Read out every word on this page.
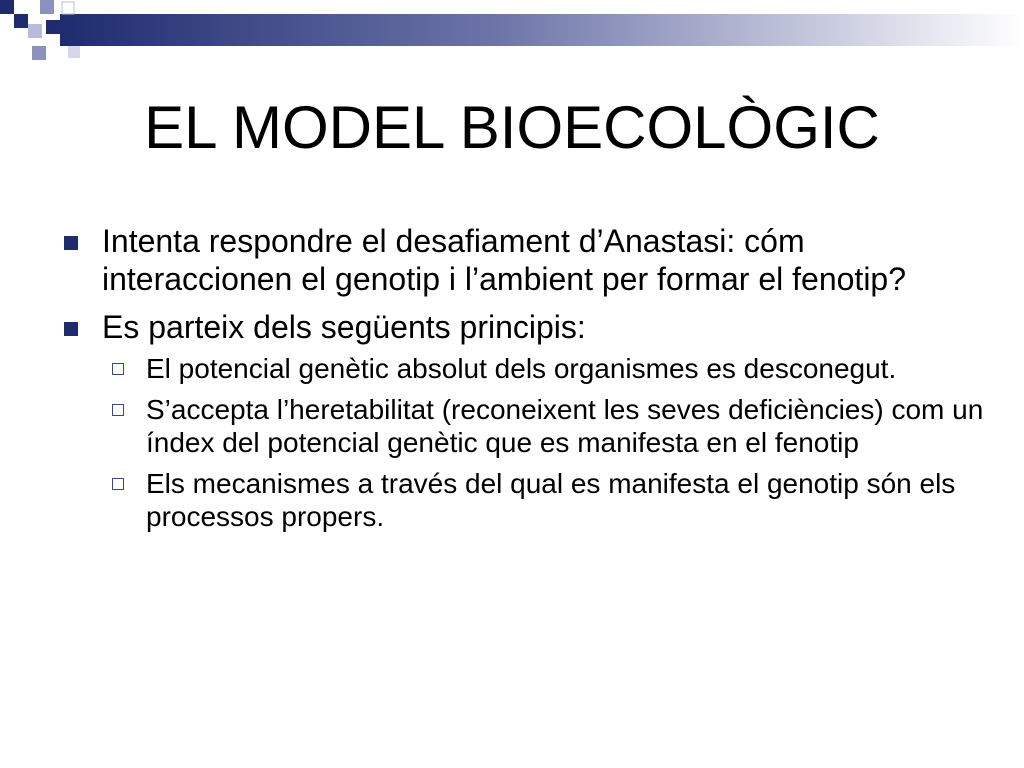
EL MODEL BIOECOLÒGIC
Intenta respondre el desafiament d’Anastasi: cóm interaccionen el genotip i l’ambient per formar el fenotip?
Es parteix dels següents principis:
El potencial genètic absolut dels organismes es desconegut.
S’accepta l’heretabilitat (reconeixent les seves deficiències) com un índex del potencial genètic que es manifesta en el fenotip
Els mecanismes a través del qual es manifesta el genotip són els processos propers.
